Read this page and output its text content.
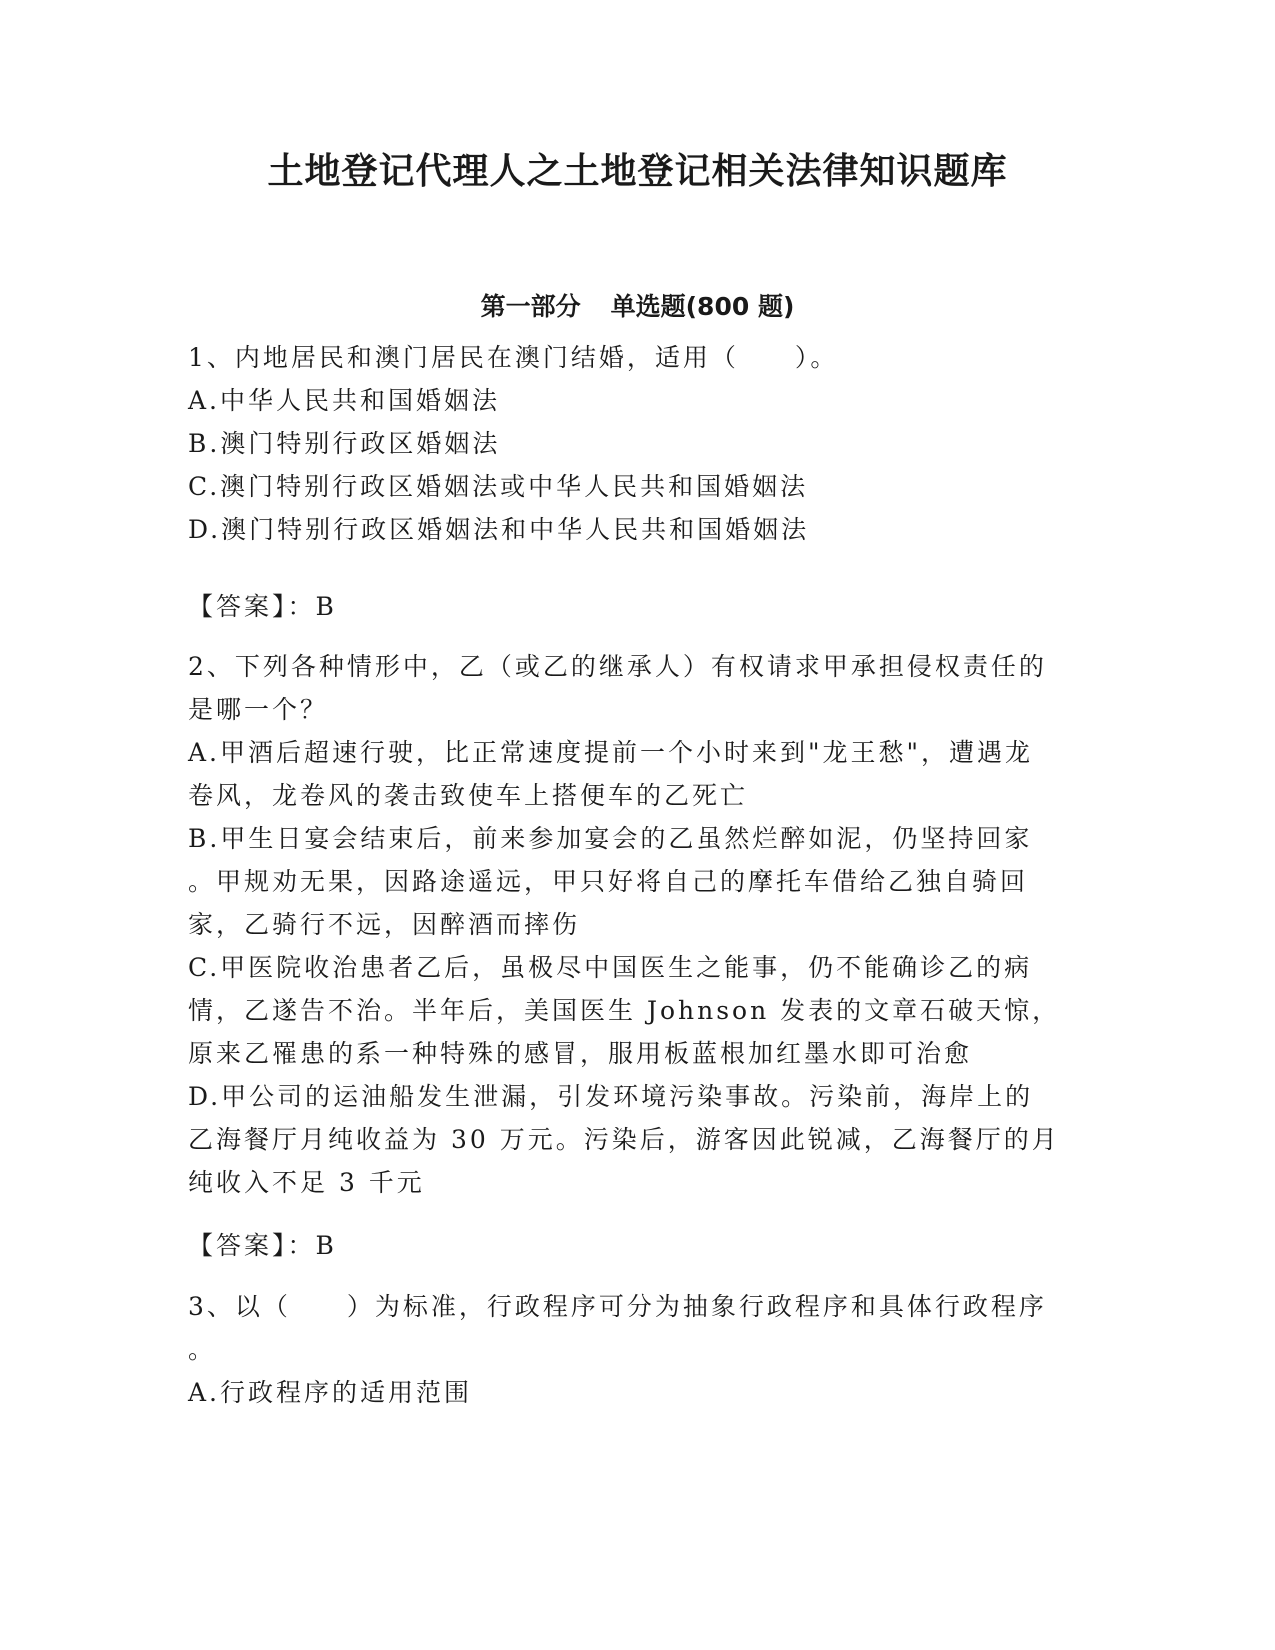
土地登记代理人之土地登记相关法律知识题库
第一部分 单选题(800 题)
1、内地居民和澳门居民在澳门结婚，适用（　　）。
A.中华人民共和国婚姻法
B.澳门特别行政区婚姻法
C.澳门特别行政区婚姻法或中华人民共和国婚姻法
D.澳门特别行政区婚姻法和中华人民共和国婚姻法
【答案】：B
2、下列各种情形中，乙（或乙的继承人）有权请求甲承担侵权责任的
是哪一个？
A.甲酒后超速行驶，比正常速度提前一个小时来到"龙王愁"，遭遇龙
卷风，龙卷风的袭击致使车上搭便车的乙死亡
B.甲生日宴会结束后，前来参加宴会的乙虽然烂醉如泥，仍坚持回家
。甲规劝无果，因路途遥远，甲只好将自己的摩托车借给乙独自骑回
家，乙骑行不远，因醉酒而摔伤
C.甲医院收治患者乙后，虽极尽中国医生之能事，仍不能确诊乙的病
情，乙遂告不治。半年后，美国医生 Johnson 发表的文章石破天惊，
原来乙罹患的系一种特殊的感冒，服用板蓝根加红墨水即可治愈
D.甲公司的运油船发生泄漏，引发环境污染事故。污染前，海岸上的
乙海餐厅月纯收益为 30 万元。污染后，游客因此锐减，乙海餐厅的月
纯收入不足 3 千元
【答案】：B
3、以（　　）为标准，行政程序可分为抽象行政程序和具体行政程序
。
A.行政程序的适用范围
